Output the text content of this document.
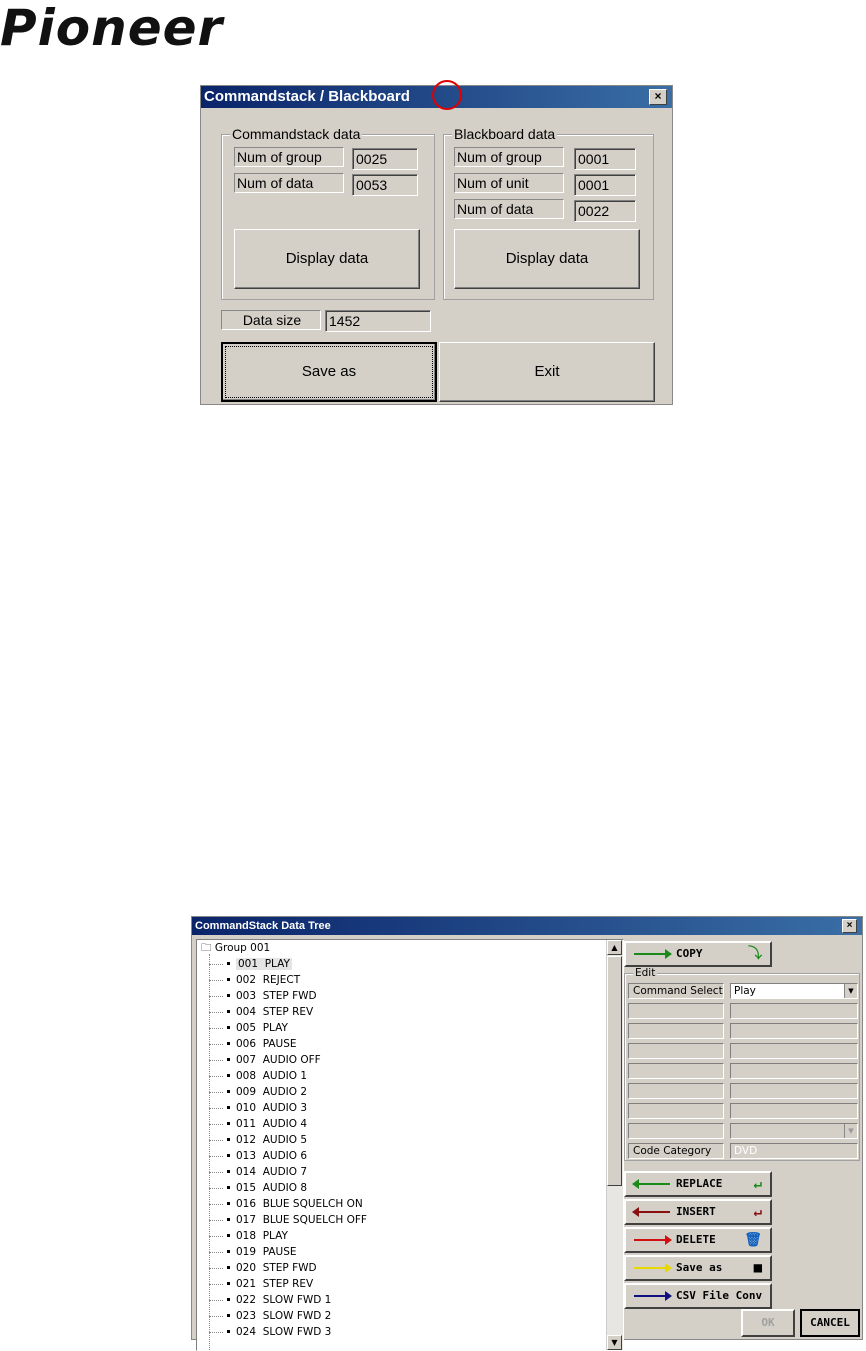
Pioneer
Commandstack / Blackboard	×
Commandstack data
Num of group	0025
Num of data	0053
Display data
Blackboard data
Num of group	0001
Num of unit	0001
Num of data	0022
Display data
Data size	1452
Save as	Exit
CommandStack Data Tree	×
🗀 Group 001
001  PLAY
002  REJECT
003  STEP FWD
004  STEP REV
005  PLAY
006  PAUSE
007  AUDIO OFF
008  AUDIO 1
009  AUDIO 2
010  AUDIO 3
011  AUDIO 4
012  AUDIO 5
013  AUDIO 6
014  AUDIO 7
015  AUDIO 8
016  BLUE SQUELCH ON
017  BLUE SQUELCH OFF
018  PLAY
019  PAUSE
020  STEP FWD
021  STEP REV
022  SLOW FWD 1
023  SLOW FWD 2
024  SLOW FWD 3
▲
▼
COPY	⤵
Edit
Command Select	Play	▼
▼
Code Category	DVD
REPLACE ↵
INSERT	↵
DELETE 🗑
Save as ■
CSV File Conv
OK	CANCEL
